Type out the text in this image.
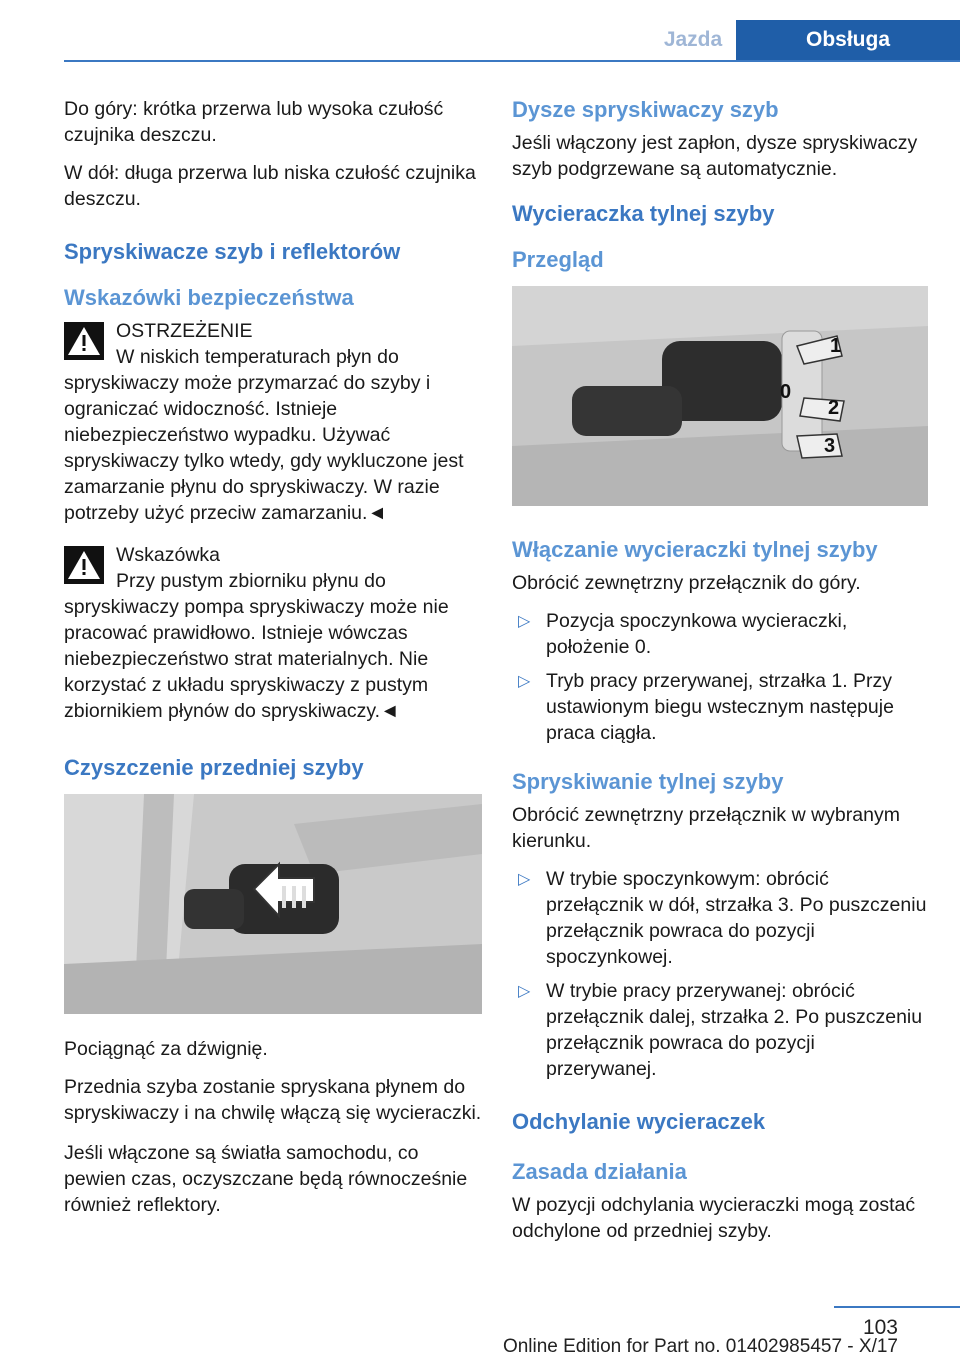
Jazda	Obsługa

Do góry: krótka przerwa lub wysoka czułość czujnika deszczu.

W dół: długa przerwa lub niska czułość czujnika deszczu.

Spryskiwacze szyb i reflektorów
Wskazówki bezpieczeństwa
OSTRZEŻENIE
W niskich temperaturach płyn do spryskiwaczy może przymarzać do szyby i ograniczać widoczność. Istnieje niebezpieczeństwo wypadku. Używać spryskiwaczy tylko wtedy, gdy wykluczone jest zamarzanie płynu do spryskiwaczy. W razie potrzeby użyć przeciw zamarzaniu.◄
Wskazówka
Przy pustym zbiorniku płynu do spryskiwaczy pompa spryskiwaczy może nie pracować prawidłowo. Istnieje wówczas niebezpieczeństwo strat materialnych. Nie korzystać z układu spryskiwaczy z pustym zbiornikiem płynów do spryskiwaczy.◄
Czyszczenie przedniej szyby

Pociągnąć za dźwignię.

Przednia szyba zostanie spryskana płynem do spryskiwaczy i na chwilę włączą się wycieraczki.

Jeśli włączone są światła samochodu, co pewien czas, oczyszczane będą równocześnie również reflektory.

Dysze spryskiwaczy szyb

Jeśli włączony jest zapłon, dysze spryskiwaczy szyb podgrzewane są automatycznie.

Wycieraczka tylnej szyby
Przegląd
1
0
2
3
Włączanie wycieraczki tylnej szyby

Obrócić zewnętrzny przełącznik do góry.

▷ Pozycja spoczynkowa wycieraczki, położenie 0.
▷ Tryb pracy przerywanej, strzałka 1. Przy ustawionym biegu wstecznym następuje praca ciągła.
Spryskiwanie tylnej szyby

Obrócić zewnętrzny przełącznik w wybranym kierunku.

▷ W trybie spoczynkowym: obrócić przełącznik w dół, strzałka 3. Po puszczeniu przełącznik powraca do pozycji spoczynkowej.
▷ W trybie pracy przerywanej: obrócić przełącznik dalej, strzałka 2. Po puszczeniu przełącznik powraca do pozycji przerywanej.
Odchylanie wycieraczek
Zasada działania

W pozycji odchylania wycieraczki mogą zostać odchylone od przedniej szyby.

103
Online Edition for Part no. 01402985457 - X/17
